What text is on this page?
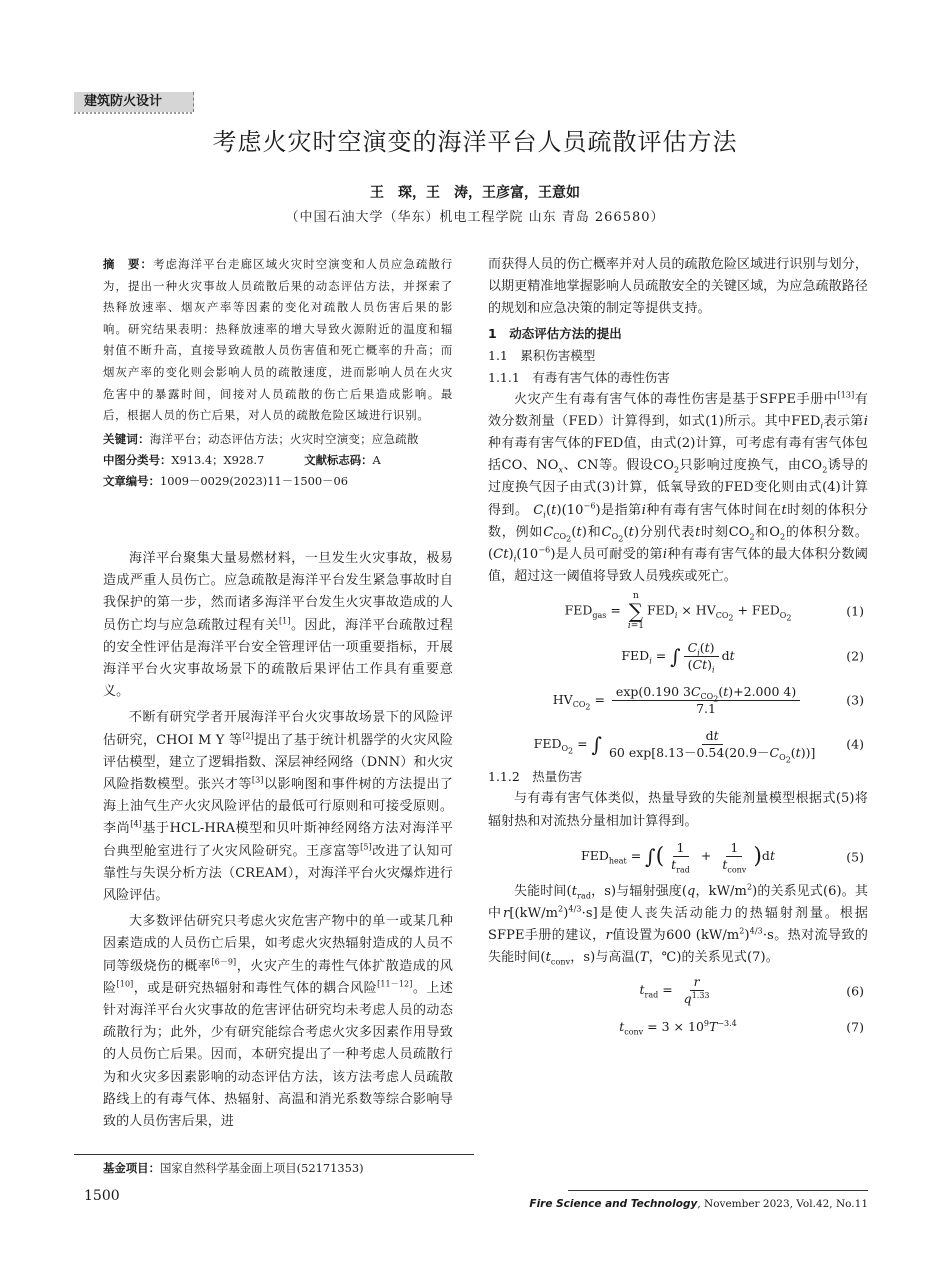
建筑防火设计
考虑火灾时空演变的海洋平台人员疏散评估方法
王　琛，王　涛，王彦富，王意如
（中国石油大学（华东）机电工程学院 山东 青岛 266580）
摘　要：考虑海洋平台走廊区域火灾时空演变和人员应急疏散行为，提出一种火灾事故人员疏散后果的动态评估方法，并探索了热释放速率、烟灰产率等因素的变化对疏散人员伤害后果的影响。研究结果表明：热释放速率的增大导致火源附近的温度和辐射值不断升高，直接导致疏散人员伤害值和死亡概率的升高；而烟灰产率的变化则会影响人员的疏散速度，进而影响人员在火灾危害中的暴露时间，间接对人员疏散的伤亡后果造成影响。最后，根据人员的伤亡后果，对人员的疏散危险区域进行识别。
关键词：海洋平台；动态评估方法；火灾时空演变；应急疏散
中图分类号：X913.4；X928.7	文献标志码：A
文章编号：1009－0029(2023)11－1500－06

海洋平台聚集大量易燃材料，一旦发生火灾事故，极易造成严重人员伤亡。应急疏散是海洋平台发生紧急事故时自我保护的第一步，然而诸多海洋平台发生火灾事故造成的人员伤亡均与应急疏散过程有关[1]。因此，海洋平台疏散过程的安全性评估是海洋平台安全管理评估一项重要指标，开展海洋平台火灾事故场景下的疏散后果评估工作具有重要意义。

不断有研究学者开展海洋平台火灾事故场景下的风险评估研究，CHOI M Y 等[2]提出了基于统计机器学的火灾风险评估模型，建立了逻辑指数、深层神经网络（DNN）和火灾风险指数模型。张兴才等[3]以影响图和事件树的方法提出了海上油气生产火灾风险评估的最低可行原则和可接受原则。李尚[4]基于HCL-HRA模型和贝叶斯神经网络方法对海洋平台典型舱室进行了火灾风险研究。王彦富等[5]改进了认知可靠性与失误分析方法（CREAM），对海洋平台火灾爆炸进行风险评估。

大多数评估研究只考虑火灾危害产物中的单一或某几种因素造成的人员伤亡后果，如考虑火灾热辐射造成的人员不同等级烧伤的概率[6－9]，火灾产生的毒性气体扩散造成的风险[10]，或是研究热辐射和毒性气体的耦合风险[11－12]。上述针对海洋平台火灾事故的危害评估研究均未考虑人员的动态疏散行为；此外，少有研究能综合考虑火灾多因素作用导致的人员伤亡后果。因而，本研究提出了一种考虑人员疏散行为和火灾多因素影响的动态评估方法，该方法考虑人员疏散路线上的有毒气体、热辐射、高温和消光系数等综合影响导致的人员伤害后果，进

而获得人员的伤亡概率并对人员的疏散危险区域进行识别与划分，以期更精准地掌握影响人员疏散安全的关键区域，为应急疏散路径的规划和应急决策的制定等提供支持。

1　动态评估方法的提出
1.1　累积伤害模型
1.1.1　有毒有害气体的毒性伤害

火灾产生有毒有害气体的毒性伤害是基于SFPE手册中[13]有效分数剂量（FED）计算得到，如式(1)所示。其中$FED_i$表示第i种有毒有害气体的FED值，由式(2)计算，可考虑有毒有害气体包括CO、$NO_x$、CN等。假设$CO_2$只影响过度换气，由$CO_2$诱导的过度换气因子由式(3)计算，低氧导致的FED变化则由式(4)计算得到。 $C_i(t)(10^{-6})$是指第i种有毒有害气体时间在t时刻的体积分数，例如$C_{CO_2}(t)$和$C_{O_2}(t)$分别代表t时刻$CO_2$和$O_2$的体积分数。$(Ct)_i(10^{-6})$是人员可耐受的第i种有毒有害气体的最大体积分数阈值，超过这一阈值将导致人员残疾或死亡。

$FED_{gas}$ =
n
∑
i=1
$FED_i \times HV_{CO_2} + FED_{O_2}$	(1)
$FED_i$ = ∫ $\frac{C_i(t)}{(Ct)_i}$ dt	(2)
$HV_{CO_2} = \frac{\exp(0.190 3C_{CO_2}(t)+2.000 4)}{7.1}$	(3)
$FED_{O_2}$ = ∫ $\frac{dt}{60 \exp[8.13-0.54(20.9-C_{O_2}(t))]} (4)$
1.1.2　热量伤害

与有毒有害气体类似，热量导致的失能剂量模型根据式(5)将辐射热和对流热分量相加计算得到。

$FED_{heat}$ = ∫( $\frac{1}{t_{rad}} + \frac{1}{t_{conv}} )dt$	(5)

失能时间($t_{rad}$，s)与辐射强度(q，$kW/m^2$)的关系见式(6)。其中$r[(kW/m^2)^{4/3}\cdot s]$是使人丧失活动能力的热辐射剂量。根据SFPE手册的建议，r值设置为600 $(kW/m^2)^{4/3}\cdot s$。热对流导致的失能时间($t_{conv}$，s)与高温(T，℃)的关系见式(7)。

$t_{rad} = \frac{r}{q^{1.33}}$	(6)
$t_{conv} = 3 \times 10^9T^{-3.4}$	(7)
基金项目：国家自然科学基金面上项目(52171353)
1500	Fire Science and Technology, November 2023, Vol.42, No.11
